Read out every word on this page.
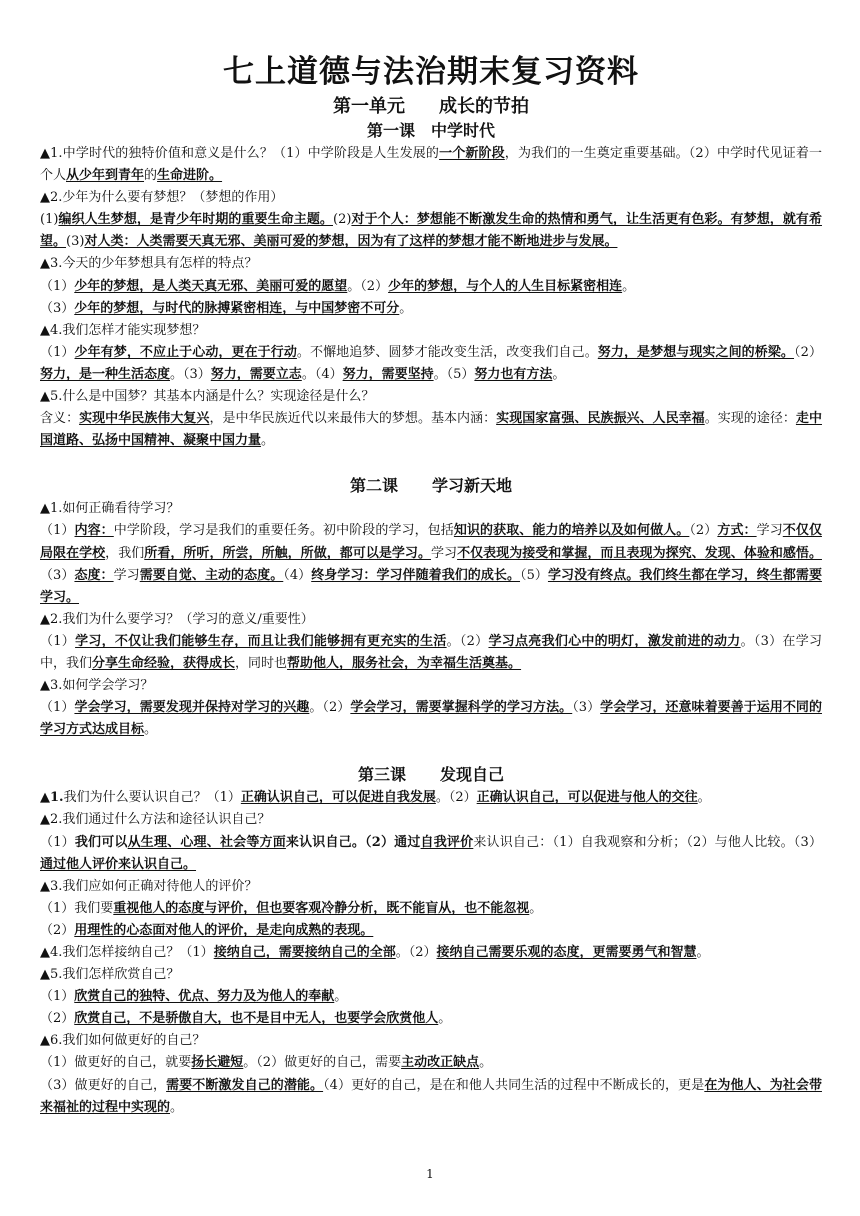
七上道德与法治期末复习资料
第一单元 成长的节拍
第一课 中学时代

▲1.中学时代的独特价值和意义是什么？（1）中学阶段是人生发展的一个新阶段，为我们的一生奠定重要基础。（2）中学时代见证着一个人从少年到青年的生命进阶。

▲2.少年为什么要有梦想？（梦想的作用）

(1)编织人生梦想，是青少年时期的重要生命主题。(2)对于个人：梦想能不断激发生命的热情和勇气，让生活更有色彩。有梦想，就有希望。(3)对人类：人类需要天真无邪、美丽可爱的梦想，因为有了这样的梦想才能不断地进步与发展。

▲3.今天的少年梦想具有怎样的特点？

（1）少年的梦想，是人类天真无邪、美丽可爱的愿望。（2）少年的梦想，与个人的人生目标紧密相连。

（3）少年的梦想，与时代的脉搏紧密相连，与中国梦密不可分。

▲4.我们怎样才能实现梦想？

（1）少年有梦，不应止于心动，更在于行动。不懈地追梦、圆梦才能改变生活，改变我们自己。努力，是梦想与现实之间的桥梁。（2）努力，是一种生活态度。（3）努力，需要立志。（4）努力，需要坚持。（5）努力也有方法。

▲5.什么是中国梦？其基本内涵是什么？实现途径是什么？

含义：实现中华民族伟大复兴，是中华民族近代以来最伟大的梦想。基本内涵：实现国家富强、民族振兴、人民幸福。实现的途径：走中国道路、弘扬中国精神、凝聚中国力量。

第二课 学习新天地

▲1.如何正确看待学习？

（1）内容：中学阶段，学习是我们的重要任务。初中阶段的学习，包括知识的获取、能力的培养以及如何做人。（2）方式：学习不仅仅局限在学校，我们所看，所听，所尝，所触，所做，都可以是学习。学习不仅表现为接受和掌握，而且表现为探究、发现、体验和感悟。（3）态度：学习需要自觉、主动的态度。（4）终身学习：学习伴随着我们的成长。（5）学习没有终点。我们终生都在学习，终生都需要学习。

▲2.我们为什么要学习？（学习的意义/重要性）

（1）学习，不仅让我们能够生存，而且让我们能够拥有更充实的生活。（2）学习点亮我们心中的明灯，激发前进的动力。（3）在学习中，我们分享生命经验，获得成长，同时也帮助他人，服务社会，为幸福生活奠基。

▲3.如何学会学习？

（1）学会学习，需要发现并保持对学习的兴趣。（2）学会学习，需要掌握科学的学习方法。（3）学会学习，还意味着要善于运用不同的学习方式达成目标。

第三课 发现自己

▲1.我们为什么要认识自己？（1）正确认识自己，可以促进自我发展。（2）正确认识自己，可以促进与他人的交往。

▲2.我们通过什么方法和途径认识自己？

（1）我们可以从生理、心理、社会等方面来认识自己。（2）通过自我评价来认识自己：（1）自我观察和分析；（2）与他人比较。（3）通过他人评价来认识自己。

▲3.我们应如何正确对待他人的评价？

（1）我们要重视他人的态度与评价，但也要客观冷静分析，既不能盲从，也不能忽视。

（2）用理性的心态面对他人的评价，是走向成熟的表现。

▲4.我们怎样接纳自己？（1）接纳自己，需要接纳自己的全部。（2）接纳自己需要乐观的态度，更需要勇气和智慧。

▲5.我们怎样欣赏自己？

（1）欣赏自己的独特、优点、努力及为他人的奉献。

（2）欣赏自己，不是骄傲自大，也不是目中无人，也要学会欣赏他人。

▲6.我们如何做更好的自己？

（1）做更好的自己，就要扬长避短。（2）做更好的自己，需要主动改正缺点。

（3）做更好的自己，需要不断激发自己的潜能。（4）更好的自己，是在和他人共同生活的过程中不断成长的，更是在为他人、为社会带来福祉的过程中实现的。

1
